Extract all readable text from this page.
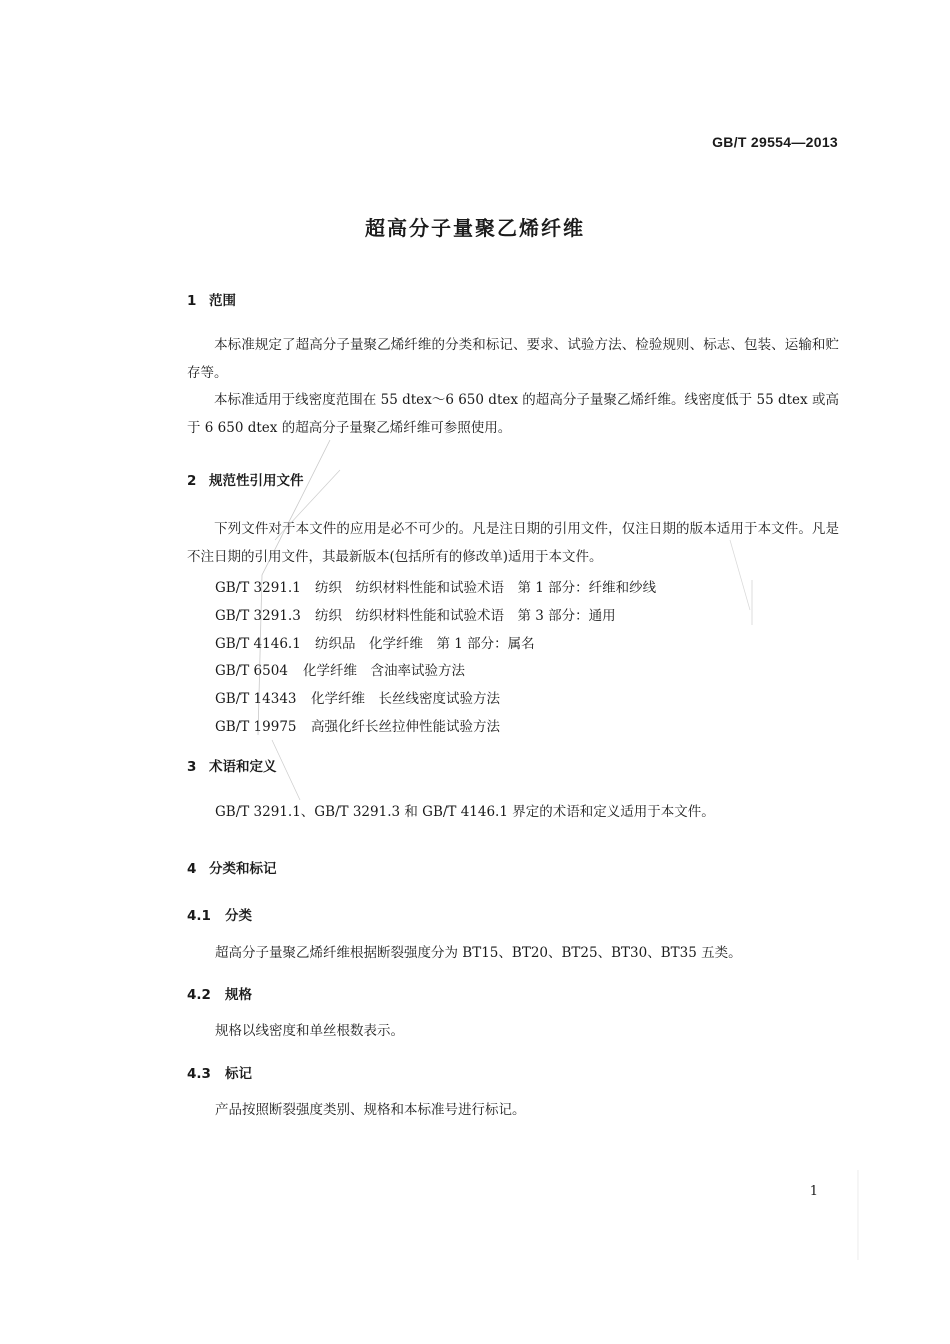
GB/T 29554—2013
超高分子量聚乙烯纤维
1 范围
本标准规定了超高分子量聚乙烯纤维的分类和标记、要求、试验方法、检验规则、标志、包装、运输和贮存等。
本标准适用于线密度范围在 55 dtex～6 650 dtex 的超高分子量聚乙烯纤维。线密度低于 55 dtex 或高于 6 650 dtex 的超高分子量聚乙烯纤维可参照使用。
2 规范性引用文件
下列文件对于本文件的应用是必不可少的。凡是注日期的引用文件，仅注日期的版本适用于本文件。凡是不注日期的引用文件，其最新版本(包括所有的修改单)适用于本文件。
GB/T 3291.1 纺织　纺织材料性能和试验术语　第 1 部分：纤维和纱线
GB/T 3291.3 纺织　纺织材料性能和试验术语　第 3 部分：通用
GB/T 4146.1 纺织品　化学纤维　第 1 部分：属名
GB/T 6504 化学纤维　含油率试验方法
GB/T 14343 化学纤维　长丝线密度试验方法
GB/T 19975 高强化纤长丝拉伸性能试验方法
3 术语和定义
GB/T 3291.1、GB/T 3291.3 和 GB/T 4146.1 界定的术语和定义适用于本文件。
4 分类和标记
4.1 分类
超高分子量聚乙烯纤维根据断裂强度分为 BT15、BT20、BT25、BT30、BT35 五类。
4.2 规格
规格以线密度和单丝根数表示。
4.3 标记
产品按照断裂强度类别、规格和本标准号进行标记。
1
